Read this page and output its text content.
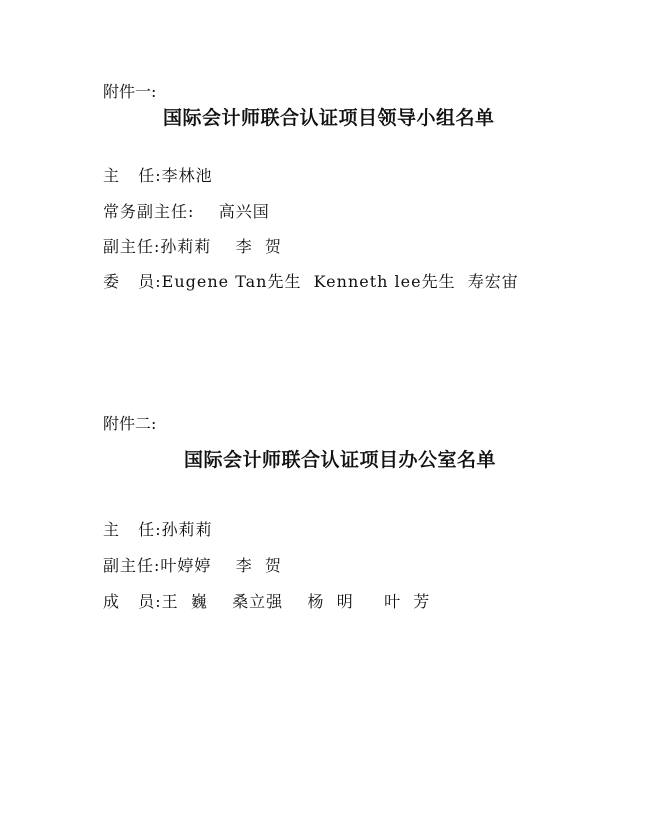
附件一:
国际会计师联合认证项目领导小组名单
主   任:李林池
常务副主任:    高兴国
副主任:孙莉莉    李  贺
委   员:Eugene Tan先生  Kenneth lee先生  寿宏宙
附件二:
国际会计师联合认证项目办公室名单
主   任:孙莉莉
副主任:叶婷婷    李  贺
成   员:王  巍    桑立强    杨  明     叶  芳
